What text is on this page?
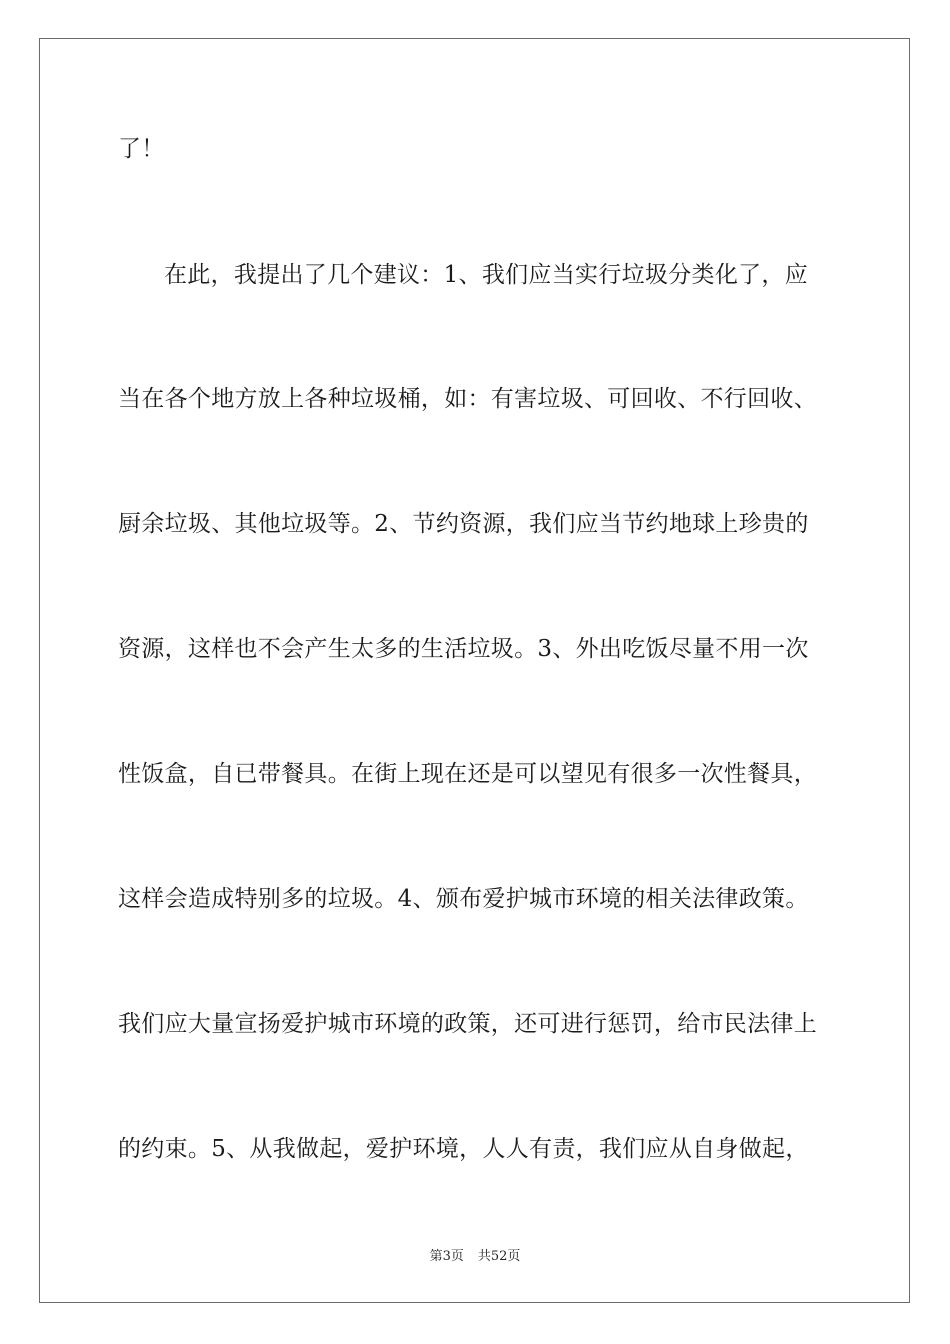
了！
在此，我提出了几个建议：1、我们应当实行垃圾分类化了，应
当在各个地方放上各种垃圾桶，如：有害垃圾、可回收、不行回收、
厨余垃圾、其他垃圾等。2、节约资源，我们应当节约地球上珍贵的
资源，这样也不会产生太多的生活垃圾。3、外出吃饭尽量不用一次
性饭盒，自已带餐具。在街上现在还是可以望见有很多一次性餐具，
这样会造成特别多的垃圾。4、颁布爱护城市环境的相关法律政策。
我们应大量宣扬爱护城市环境的政策，还可进行惩罚，给市民法律上
的约束。5、从我做起，爱护环境，人人有责，我们应从自身做起，
第3页 共52页
